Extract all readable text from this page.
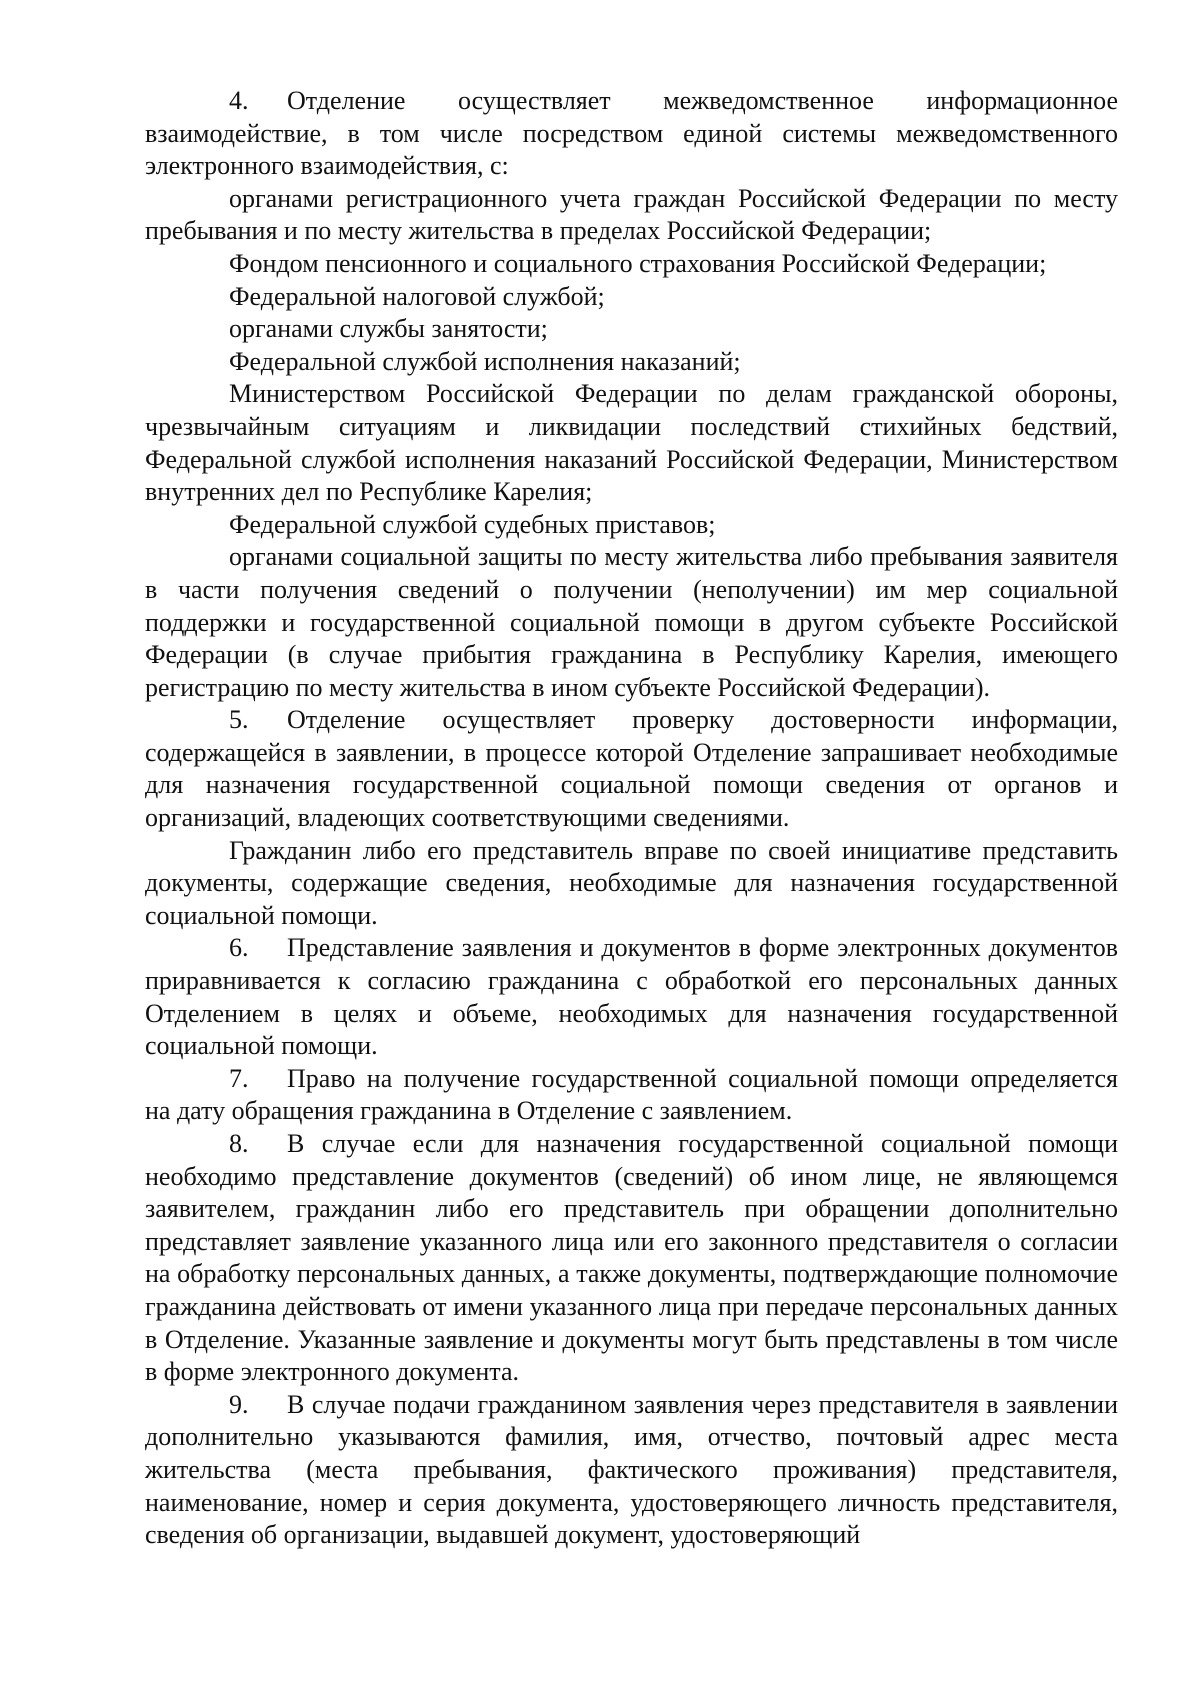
4. Отделение осуществляет межведомственное информационное взаимодействие, в том числе посредством единой системы межведомственного электронного взаимодействия, с:

органами регистрационного учета граждан Российской Федерации по месту пребывания и по месту жительства в пределах Российской Федерации;

Фондом пенсионного и социального страхования Российской Федерации;

Федеральной налоговой службой;

органами службы занятости;

Федеральной службой исполнения наказаний;

Министерством Российской Федерации по делам гражданской обороны, чрезвычайным ситуациям и ликвидации последствий стихийных бедствий, Федеральной службой исполнения наказаний Российской Федерации, Министерством внутренних дел по Республике Карелия;

Федеральной службой судебных приставов;

органами социальной защиты по месту жительства либо пребывания заявителя в части получения сведений о получении (неполучении) им мер социальной поддержки и государственной социальной помощи в другом субъекте Российской Федерации (в случае прибытия гражданина в Республику Карелия, имеющего регистрацию по месту жительства в ином субъекте Российской Федерации).

5. Отделение осуществляет проверку достоверности информации, содержащейся в заявлении, в процессе которой Отделение запрашивает необходимые для назначения государственной социальной помощи сведения от органов и организаций, владеющих соответствующими сведениями.

Гражданин либо его представитель вправе по своей инициативе представить документы, содержащие сведения, необходимые для назначения государственной социальной помощи.

6. Представление заявления и документов в форме электронных документов приравнивается к согласию гражданина с обработкой его персональных данных Отделением в целях и объеме, необходимых для назначения государственной социальной помощи.

7. Право на получение государственной социальной помощи определяется на дату обращения гражданина в Отделение с заявлением.

8. В случае если для назначения государственной социальной помощи необходимо представление документов (сведений) об ином лице, не являющемся заявителем, гражданин либо его представитель при обращении дополнительно представляет заявление указанного лица или его законного представителя о согласии на обработку персональных данных, а также документы, подтверждающие полномочие гражданина действовать от имени указанного лица при передаче персональных данных в Отделение. Указанные заявление и документы могут быть представлены в том числе в форме электронного документа.

9. В случае подачи гражданином заявления через представителя в заявлении дополнительно указываются фамилия, имя, отчество, почтовый адрес места жительства (места пребывания, фактического проживания) представителя, наименование, номер и серия документа, удостоверяющего личность представителя, сведения об организации, выдавшей документ, удостоверяющий
